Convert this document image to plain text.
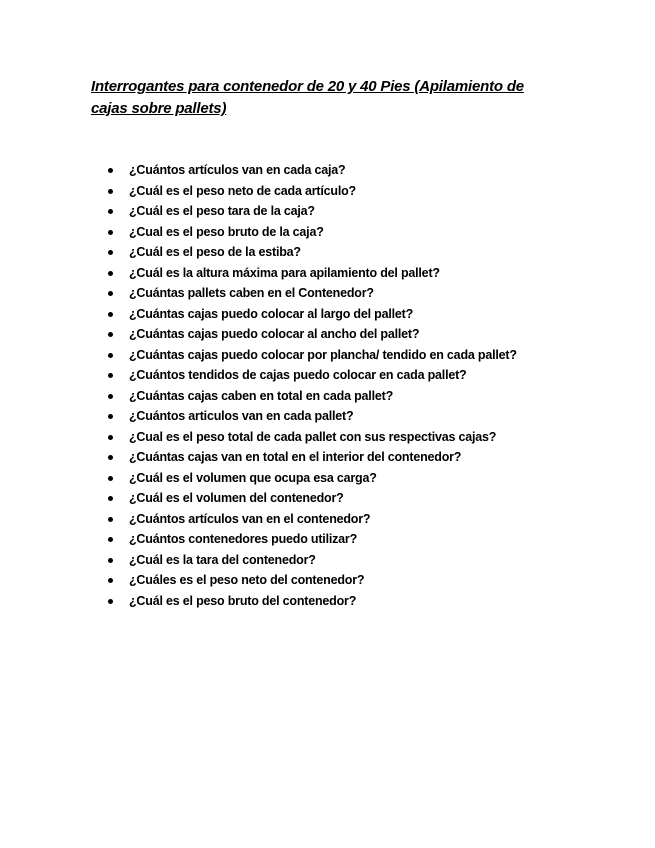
Interrogantes para contenedor de 20 y 40 Pies (Apilamiento de cajas sobre pallets)
¿Cuántos artículos van en cada caja?
¿Cuál es el peso neto de cada artículo?
¿Cuál es el peso tara de la caja?
¿Cual es el peso bruto de la caja?
¿Cuál es el peso de la estiba?
¿Cuál es la altura máxima para apilamiento del pallet?
¿Cuántas pallets caben en el Contenedor?
¿Cuántas cajas puedo colocar al largo del pallet?
¿Cuántas cajas puedo colocar al ancho del pallet?
¿Cuántas cajas puedo colocar por plancha/ tendido en cada pallet?
¿Cuántos tendidos de cajas puedo colocar en cada pallet?
¿Cuántas cajas caben en total en cada pallet?
¿Cuántos articulos van en cada pallet?
¿Cual es el peso total de cada pallet con sus respectivas cajas?
¿Cuántas cajas van en total en el interior del contenedor?
¿Cuál es el volumen que ocupa esa carga?
¿Cuál es el volumen del contenedor?
¿Cuántos artículos van en el contenedor?
¿Cuántos contenedores puedo utilizar?
¿Cuál es la tara del contenedor?
¿Cuáles es el peso neto del contenedor?
¿Cuál es el peso bruto del contenedor?
